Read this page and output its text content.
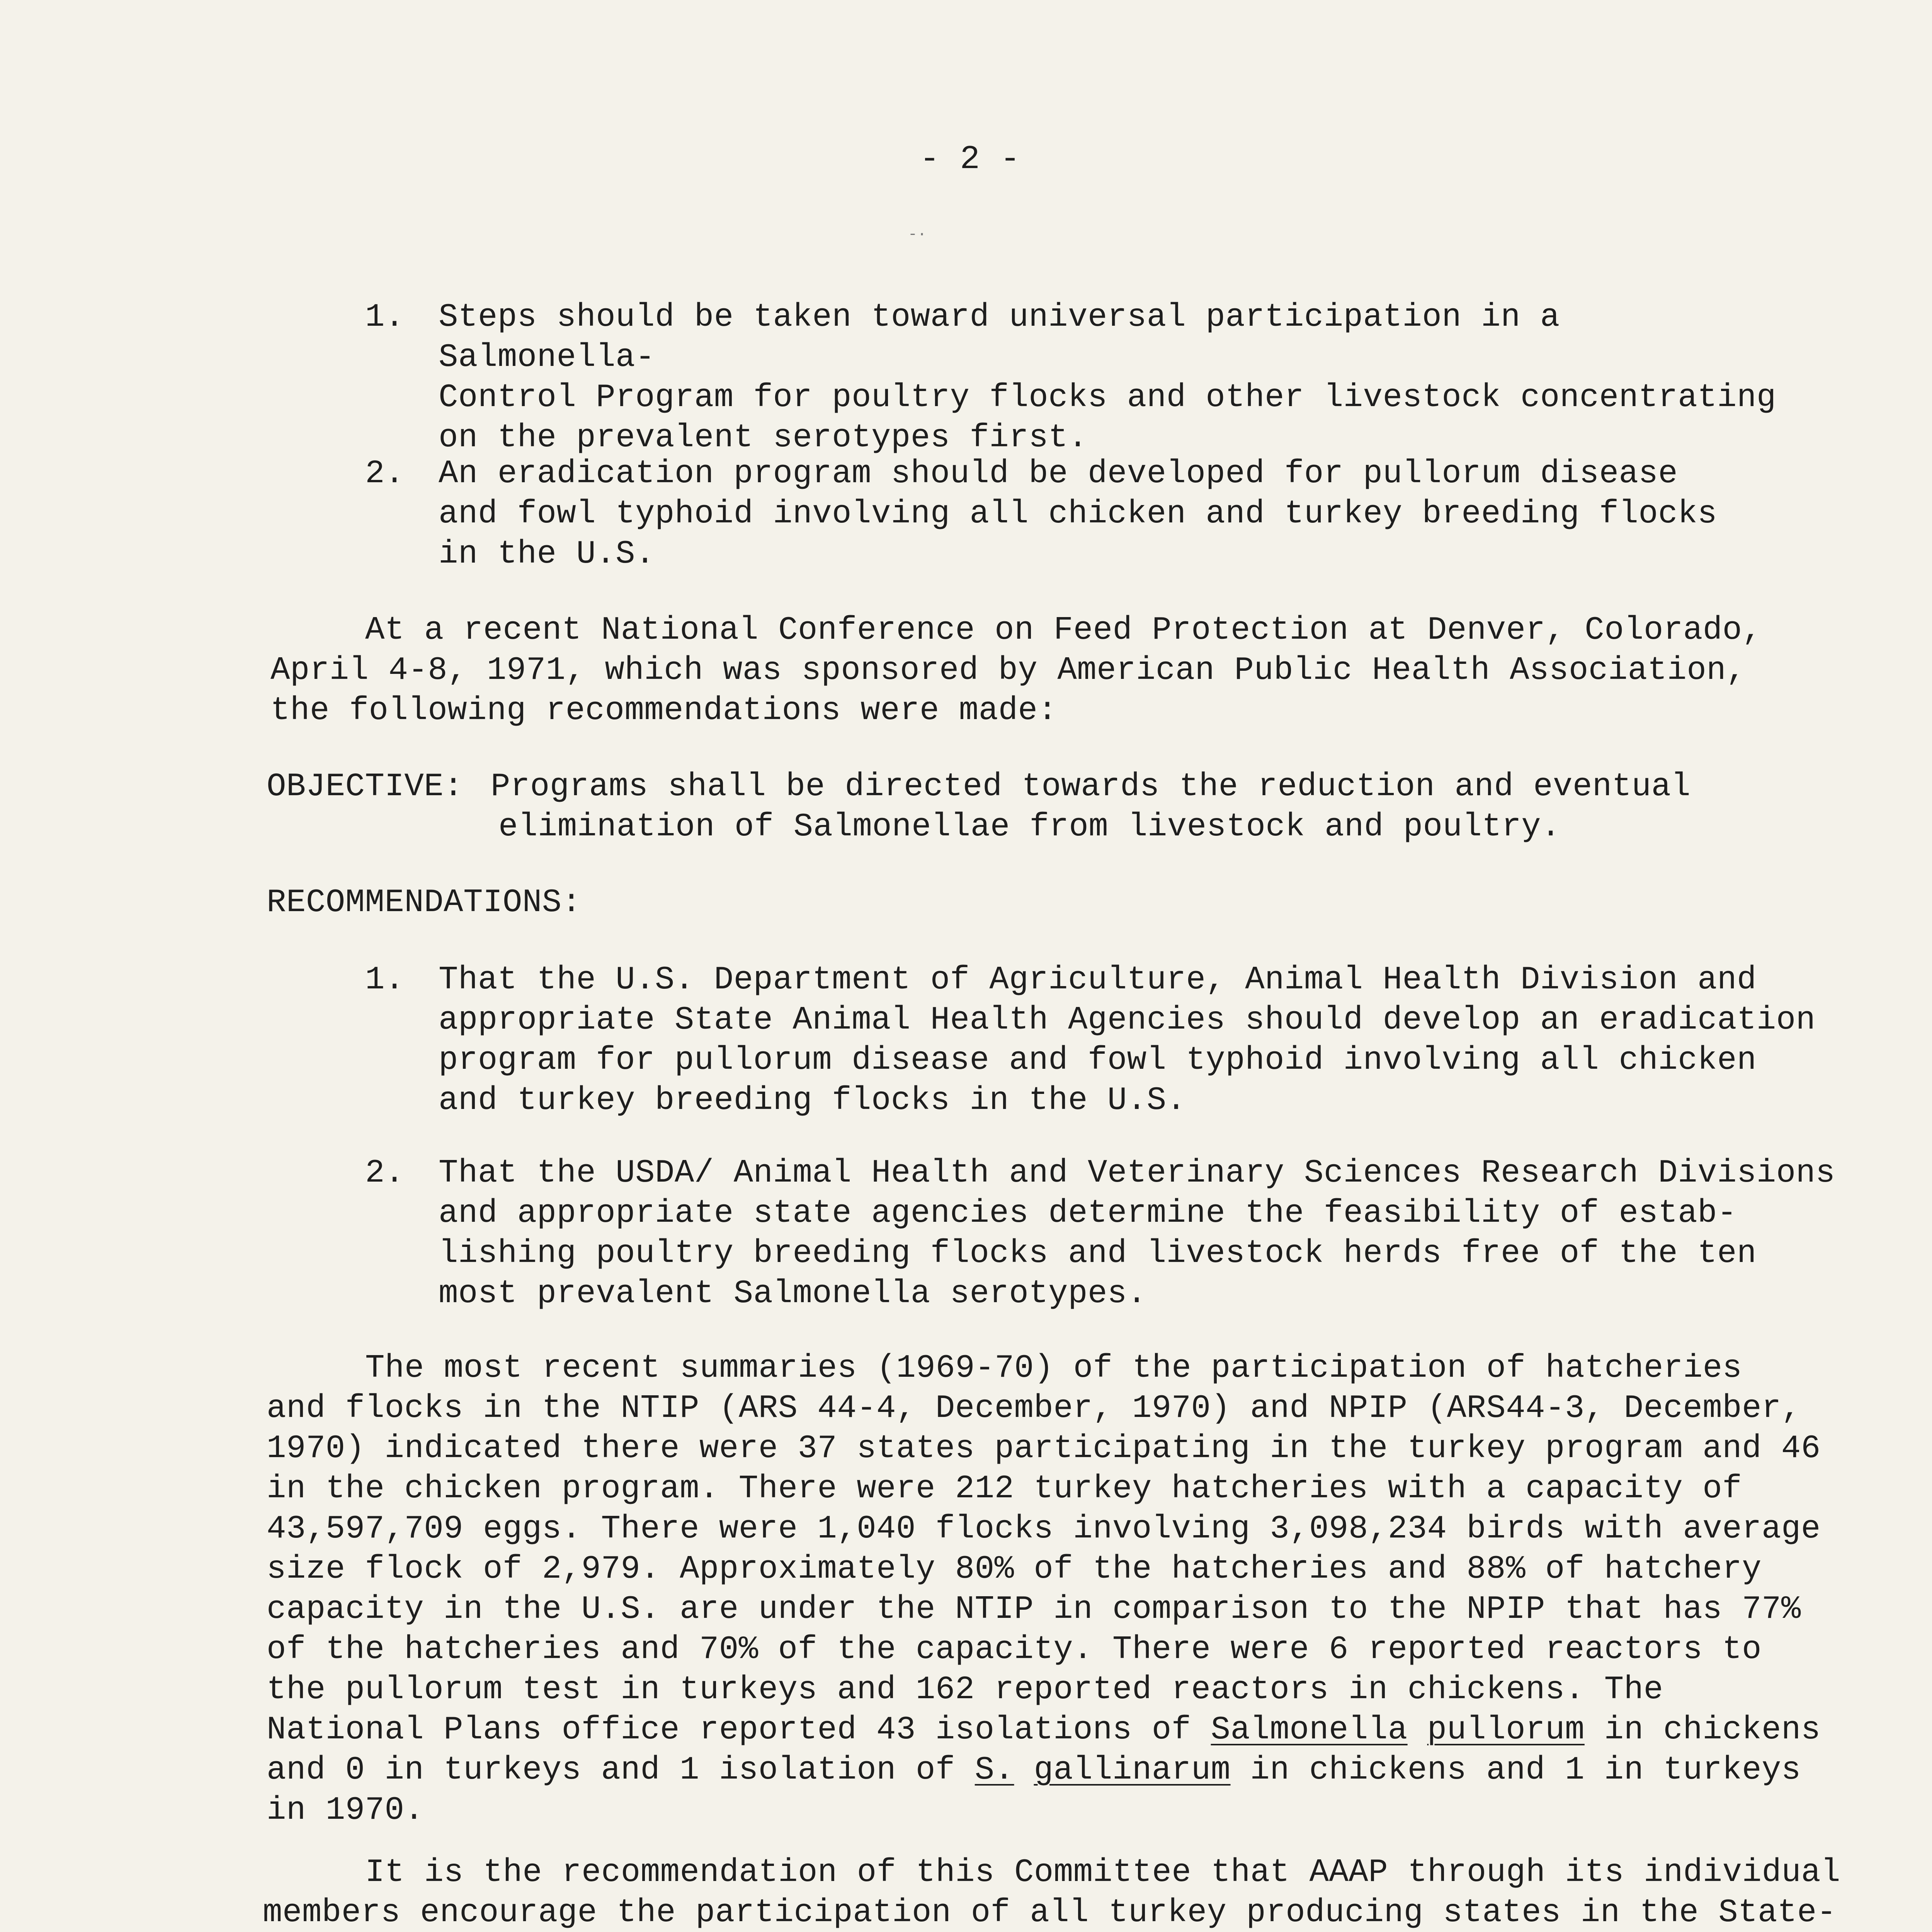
- 2 -
-·
1. Steps should be taken toward universal participation in a Salmonella-
Control Program for poultry flocks and other livestock concentrating
on the prevalent serotypes first.
2. An eradication program should be developed for pullorum disease
and fowl typhoid involving all chicken and turkey breeding flocks
in the U.S.
At a recent National Conference on Feed Protection at Denver, Colorado,
April 4-8, 1971, which was sponsored by American Public Health Association,
the following recommendations were made:
OBJECTIVE: Programs shall be directed towards the reduction and eventual
elimination of Salmonellae from livestock and poultry.
RECOMMENDATIONS:
1. That the U.S. Department of Agriculture, Animal Health Division and
appropriate State Animal Health Agencies should develop an eradication
program for pullorum disease and fowl typhoid involving all chicken
and turkey breeding flocks in the U.S.
2. That the USDA/ Animal Health and Veterinary Sciences Research Divisions
and appropriate state agencies determine the feasibility of estab-
lishing poultry breeding flocks and livestock herds free of the ten
most prevalent Salmonella serotypes.
The most recent summaries (1969-70) of the participation of hatcheries
and flocks in the NTIP (ARS 44-4, December, 1970) and NPIP (ARS44-3, December,
1970) indicated there were 37 states participating in the turkey program and 46
in the chicken program. There were 212 turkey hatcheries with a capacity of
43,597,709 eggs. There were 1,040 flocks involving 3,098,234 birds with average
size flock of 2,979. Approximately 80% of the hatcheries and 88% of hatchery
capacity in the U.S. are under the NTIP in comparison to the NPIP that has 77%
of the hatcheries and 70% of the capacity. There were 6 reported reactors to
the pullorum test in turkeys and 162 reported reactors in chickens. The
National Plans office reported 43 isolations of Salmonella pullorum in chickens
and 0 in turkeys and 1 isolation of S. gallinarum in chickens and 1 in turkeys
in 1970.
It is the recommendation of this Committee that AAAP through its individual
members encourage the participation of all turkey producing states in the State-
